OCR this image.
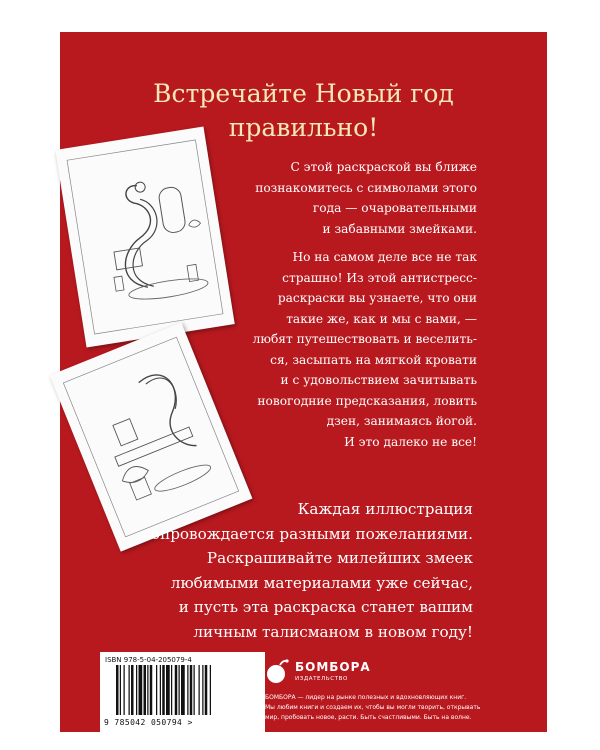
Встречайте Новый год
правильно!
С этой раскраской вы ближе
познакомитесь с символами этого
года — очаровательными
и забавными змейками.
Но на самом деле все не так
страшно! Из этой антистресс-
раскраски вы узнаете, что они
такие же, как и мы с вами, —
любят путешествовать и веселить-
ся, засыпать на мягкой кровати
и с удовольствием зачитывать
новогодние предсказания, ловить
дзен, занимаясь йогой.
И это далеко не все!
Каждая иллюстрация
сопровождается разными пожеланиями.
Раскрашивайте милейших змеек
любимыми материалами уже сейчас,
и пусть эта раскраска станет вашим
личным талисманом в новом году!
ISBN 978-5-04-205079-4
9 785042 050794 >
БОМБОРА
ИЗДАТЕЛЬСТВО
БОМБОРА — лидер на рынке полезных и вдохновляющих книг.
Мы любим книги и создаем их, чтобы вы могли творить, открывать
мир, пробовать новое, расти. Быть счастливыми. Быть на волне.
